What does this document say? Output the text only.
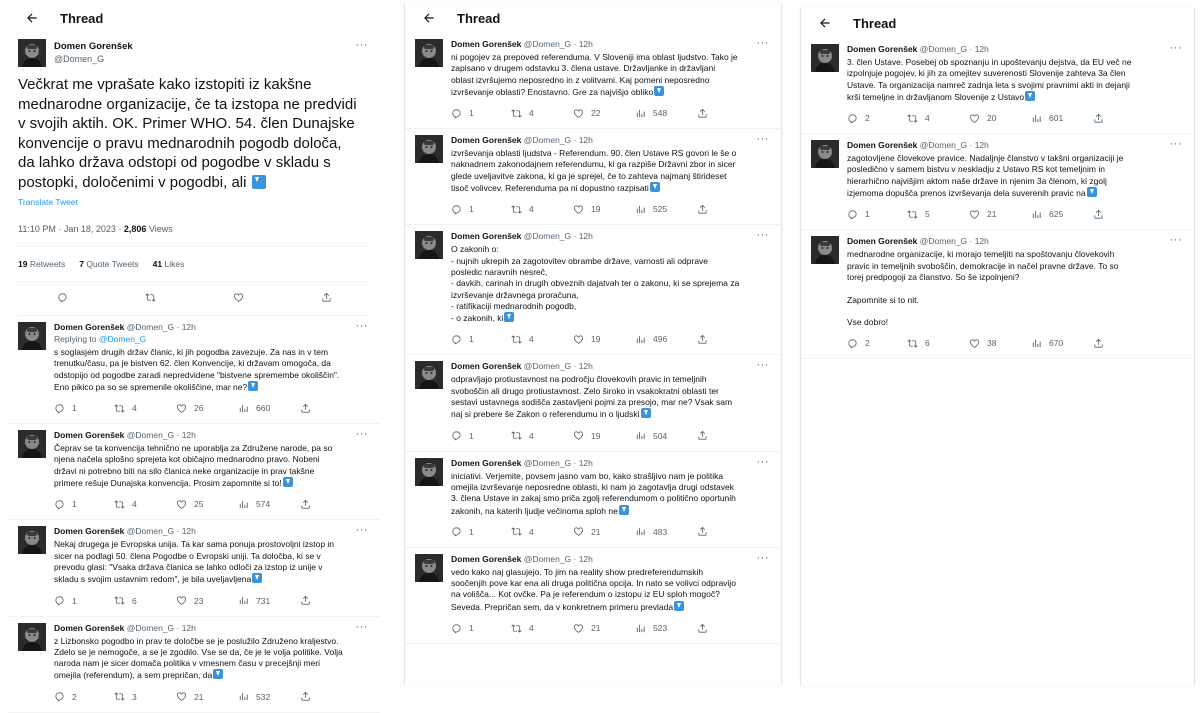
Thread
Domen Gorenšek
@Domen_G
···
Večkrat me vprašate kako izstopiti iz kakšne mednarodne organizacije, če ta izstopa ne predvidi v svojih aktih. OK. Primer WHO. 54. člen Dunajske konvencije o pravu mednarodnih pogodb določa, da lahko država odstopi od pogodbe v skladu s postopki, določenimi v pogodbi, ali
Translate Tweet
11:10 PM · Jan 18, 2023 · 2,806 Views
19 Retweets 7 Quote Tweets 41 Likes
Domen Gorenšek @Domen_G · 12h	···
Replying to @Domen_G
s soglasjem drugih držav članic, ki jih pogodba zavezuje. Za nas in v tem
trenutku/času, pa je bistven 62. člen Konvencije, ki državam omogoča, da
odstopijo od pogodbe zaradi nepredvidene "bistvene spremembe okoliščin".
Eno pikico pa so se spremenile okoliščine, mar ne?
1	4	26	660
Domen Gorenšek @Domen_G · 12h	···
Čeprav se ta konvencija tehnično ne uporablja za Združene narode, pa so
njena načela splošno sprejeta kot običajno mednarodno pravo. Nobeni
državi ni potrebno biti na silo članica neke organizacije in prav takšne
primere rešuje Dunajska konvencija. Prosim zapomnite si to!
1	4	25	574
Domen Gorenšek @Domen_G · 12h	···
Nekaj drugega je Evropska unija. Ta kar sama ponuja prostovoljni izstop in
sicer na podlagi 50. člena Pogodbe o Evropski uniji. Ta določba, ki se v
prevodu glasi: "Vsaka država članica se lahko odloči za izstop iz unije v
skladu s svojim ustavnim redom", je bila uveljavljena
1	6	23	731
Domen Gorenšek @Domen_G · 12h	···
z Lizbonsko pogodbo in prav te določbe se je poslužilo Združeno kraljestvo.
Zdelo se je nemogoče, a se je zgodilo. Vse se da, če je le volja politike. Volja
naroda nam je sicer domača politika v vmesnem času v precejšnji meri
omejila (referendum), a sem prepričan, da
2	3	21	532
Thread
Domen Gorenšek @Domen_G · 12h	···
ni pogojev za prepoved referenduma. V Sloveniji ima oblast ljudstvo. Tako je
zapisano v drugem odstavku 3. člena ustave. Državljanke in državljani
oblast izvršujemo neposredno in z volitvami. Kaj pomeni neposredno
izvrševanje oblasti? Enostavno. Gre za najvišjo obliko
1	4	22	548
Domen Gorenšek @Domen_G · 12h	···
izvrševanja oblasti ljudstva - Referendum. 90. člen Ustave RS govori le še o
naknadnem zakonodajnem referendumu, ki ga razpiše Državni zbor in sicer
glede uveljavitve zakona, ki ga je sprejel, če to zahteva najmanj štirideset
tisoč volivcev. Referenduma pa ni dopustno razpisati
1	4	19	525
Domen Gorenšek @Domen_G · 12h	···
O zakonih o:
- nujnih ukrepih za zagotovitev obrambe države, varnosti ali odprave
posledic naravnih nesreč,
- davkih, carinah in drugih obveznih dajatvah ter o zakonu, ki se sprejema za
izvrševanje državnega proračuna,
- ratifikaciji mednarodnih pogodb,
- o zakonih, ki
1	4	19	496
Domen Gorenšek @Domen_G · 12h	···
odpravljajo protiustavnost na področju človekovih pravic in temeljnih
svoboščin ali drugo protiustavnost. Zelo široko in vsakokratni oblasti ter
sestavi ustavnega sodišča zastavljeni pojmi za presojo, mar ne? Vsak sam
naj si prebere še Zakon o referendumu in o ljudski
1	4	19	504
Domen Gorenšek @Domen_G · 12h	···
iniciativi. Verjemite, povsem jasno vam bo, kako strašljivo nam je politika
omejila izvrševanje neposredne oblasti, ki nam jo zagotavlja drugi odstavek
3. člena Ustave in zakaj smo priča zgolj referendumom o politično oportunih
zakonih, na katerih ljudje večinoma sploh ne
1	4	21	483
Domen Gorenšek @Domen_G · 12h	···
vedo kako naj glasujejo. To jim na reality show predreferendumskih
soočenjih pove kar ena ali druga politična opcija. In nato se volivci odpravijo
na volišča... Kot ovčke. Pa je referendum o izstopu iz EU sploh mogoč?
Seveda. Prepričan sem, da v konkretnem primeru prevlada
1	4	21	523
Thread
Domen Gorenšek @Domen_G · 12h	···
3. člen Ustave. Posebej ob spoznanju in upoštevanju dejstva, da EU več ne
izpolnjuje pogojev, ki jih za omejitev suverenosti Slovenije zahteva 3a člen
Ustave. Ta organizacija namreč zadnja leta s svojimi pravnimi akti in dejanji
krši temeljne in državljanom Slovenije z Ustavo
2	4	20	601
Domen Gorenšek @Domen_G · 12h	···
zagotovljene človekove pravice. Nadaljnje članstvo v takšni organizaciji je
posledično v samem bistvu v neskladju z Ustavo RS kot temeljnim in
hierarhično najvišjim aktom naše države in njenim 3a členom, ki zgolj
izjemoma dopušča prenos izvrševanja dela suverenih pravic na
1	5	21	625
Domen Gorenšek @Domen_G · 12h	···
mednarodne organizacije, ki morajo temeljiti na spoštovanju človekovih
pravic in temeljnih svoboščin, demokracije in načel pravne države. To so
torej predpogoji za članstvo. So še izpolnjeni?

Zapomnite si to nit.

Vse dobro!
2	6	38	670
